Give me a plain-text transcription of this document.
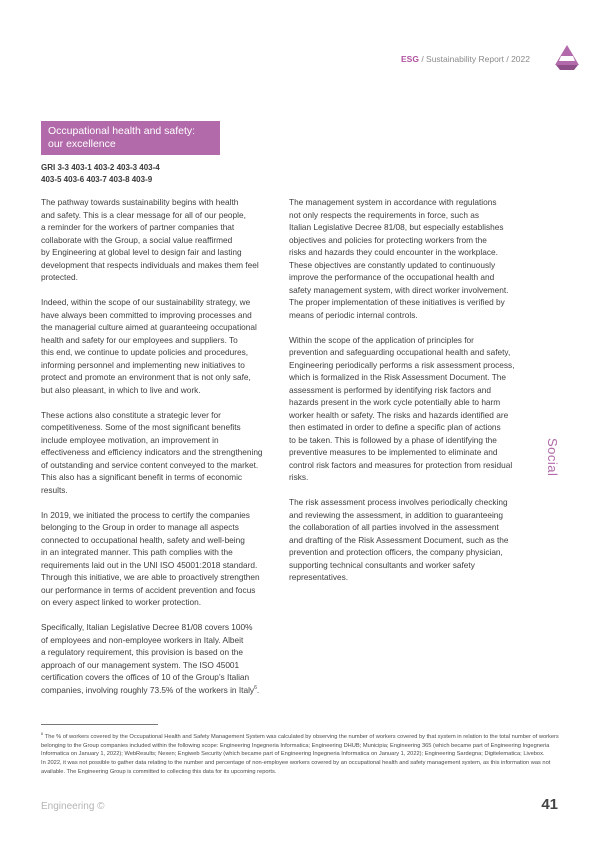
ESG / Sustainability Report / 2022
Occupational health and safety:
our excellence
GRI 3-3 403-1 403-2 403-3 403-4
403-5 403-6 403-7 403-8 403-9

The pathway towards sustainability begins with health
and safety. This is a clear message for all of our people,
a reminder for the workers of partner companies that
collaborate with the Group, a social value reaffirmed
by Engineering at global level to design fair and lasting
development that respects individuals and makes them feel
protected.

Indeed, within the scope of our sustainability strategy, we
have always been committed to improving processes and
the managerial culture aimed at guaranteeing occupational
health and safety for our employees and suppliers. To
this end, we continue to update policies and procedures,
informing personnel and implementing new initiatives to
protect and promote an environment that is not only safe,
but also pleasant, in which to live and work.

These actions also constitute a strategic lever for
competitiveness. Some of the most significant benefits
include employee motivation, an improvement in
effectiveness and efficiency indicators and the strengthening
of outstanding and service content conveyed to the market.
This also has a significant benefit in terms of economic
results.

In 2019, we initiated the process to certify the companies
belonging to the Group in order to manage all aspects
connected to occupational health, safety and well-being
in an integrated manner. This path complies with the
requirements laid out in the UNI ISO 45001:2018 standard.
Through this initiative, we are able to proactively strengthen
our performance in terms of accident prevention and focus
on every aspect linked to worker protection.

Specifically, Italian Legislative Decree 81/08 covers 100%
of employees and non-employee workers in Italy. Albeit
a regulatory requirement, this provision is based on the
approach of our management system. The ISO 45001
certification covers the offices of 10 of the Group’s Italian
companies, involving roughly 73.5% of the workers in Italy$^6$.

The management system in accordance with regulations
not only respects the requirements in force, such as
Italian Legislative Decree 81/08, but especially establishes
objectives and policies for protecting workers from the
risks and hazards they could encounter in the workplace.
These objectives are constantly updated to continuously
improve the performance of the occupational health and
safety management system, with direct worker involvement.
The proper implementation of these initiatives is verified by
means of periodic internal controls.

Within the scope of the application of principles for
prevention and safeguarding occupational health and safety,
Engineering periodically performs a risk assessment process,
which is formalized in the Risk Assessment Document. The
assessment is performed by identifying risk factors and
hazards present in the work cycle potentially able to harm
worker health or safety. The risks and hazards identified are
then estimated in order to define a specific plan of actions
to be taken. This is followed by a phase of identifying the
preventive measures to be implemented to eliminate and
control risk factors and measures for protection from residual
risks.

The risk assessment process involves periodically checking
and reviewing the assessment, in addition to guaranteeing
the collaboration of all parties involved in the assessment
and drafting of the Risk Assessment Document, such as the
prevention and protection officers, the company physician,
supporting technical consultants and worker safety
representatives.

Social

$^6$ The % of workers covered by the Occupational Health and Safety Management System was calculated by observing the number of workers covered by that system in relation to the total number of workers belonging to the Group companies included within the following scope: Engineering Ingegneria Informatica; Engineering DHUB; Municipia; Engineering 365 (which became part of Engineering Ingegneria Informatica on January 1, 2022); WebResults; Nexen; Engiweb Security (which became part of Engineering Ingegneria Informatica on January 1, 2022); Engineering Sardegna; Digitelematica; Livebox.

In 2022, it was not possible to gather data relating to the number and percentage of non-employee workers covered by an occupational health and safety management system, as this information was not available. The Engineering Group is committed to collecting this data for its upcoming reports.

Engineering ©	41
